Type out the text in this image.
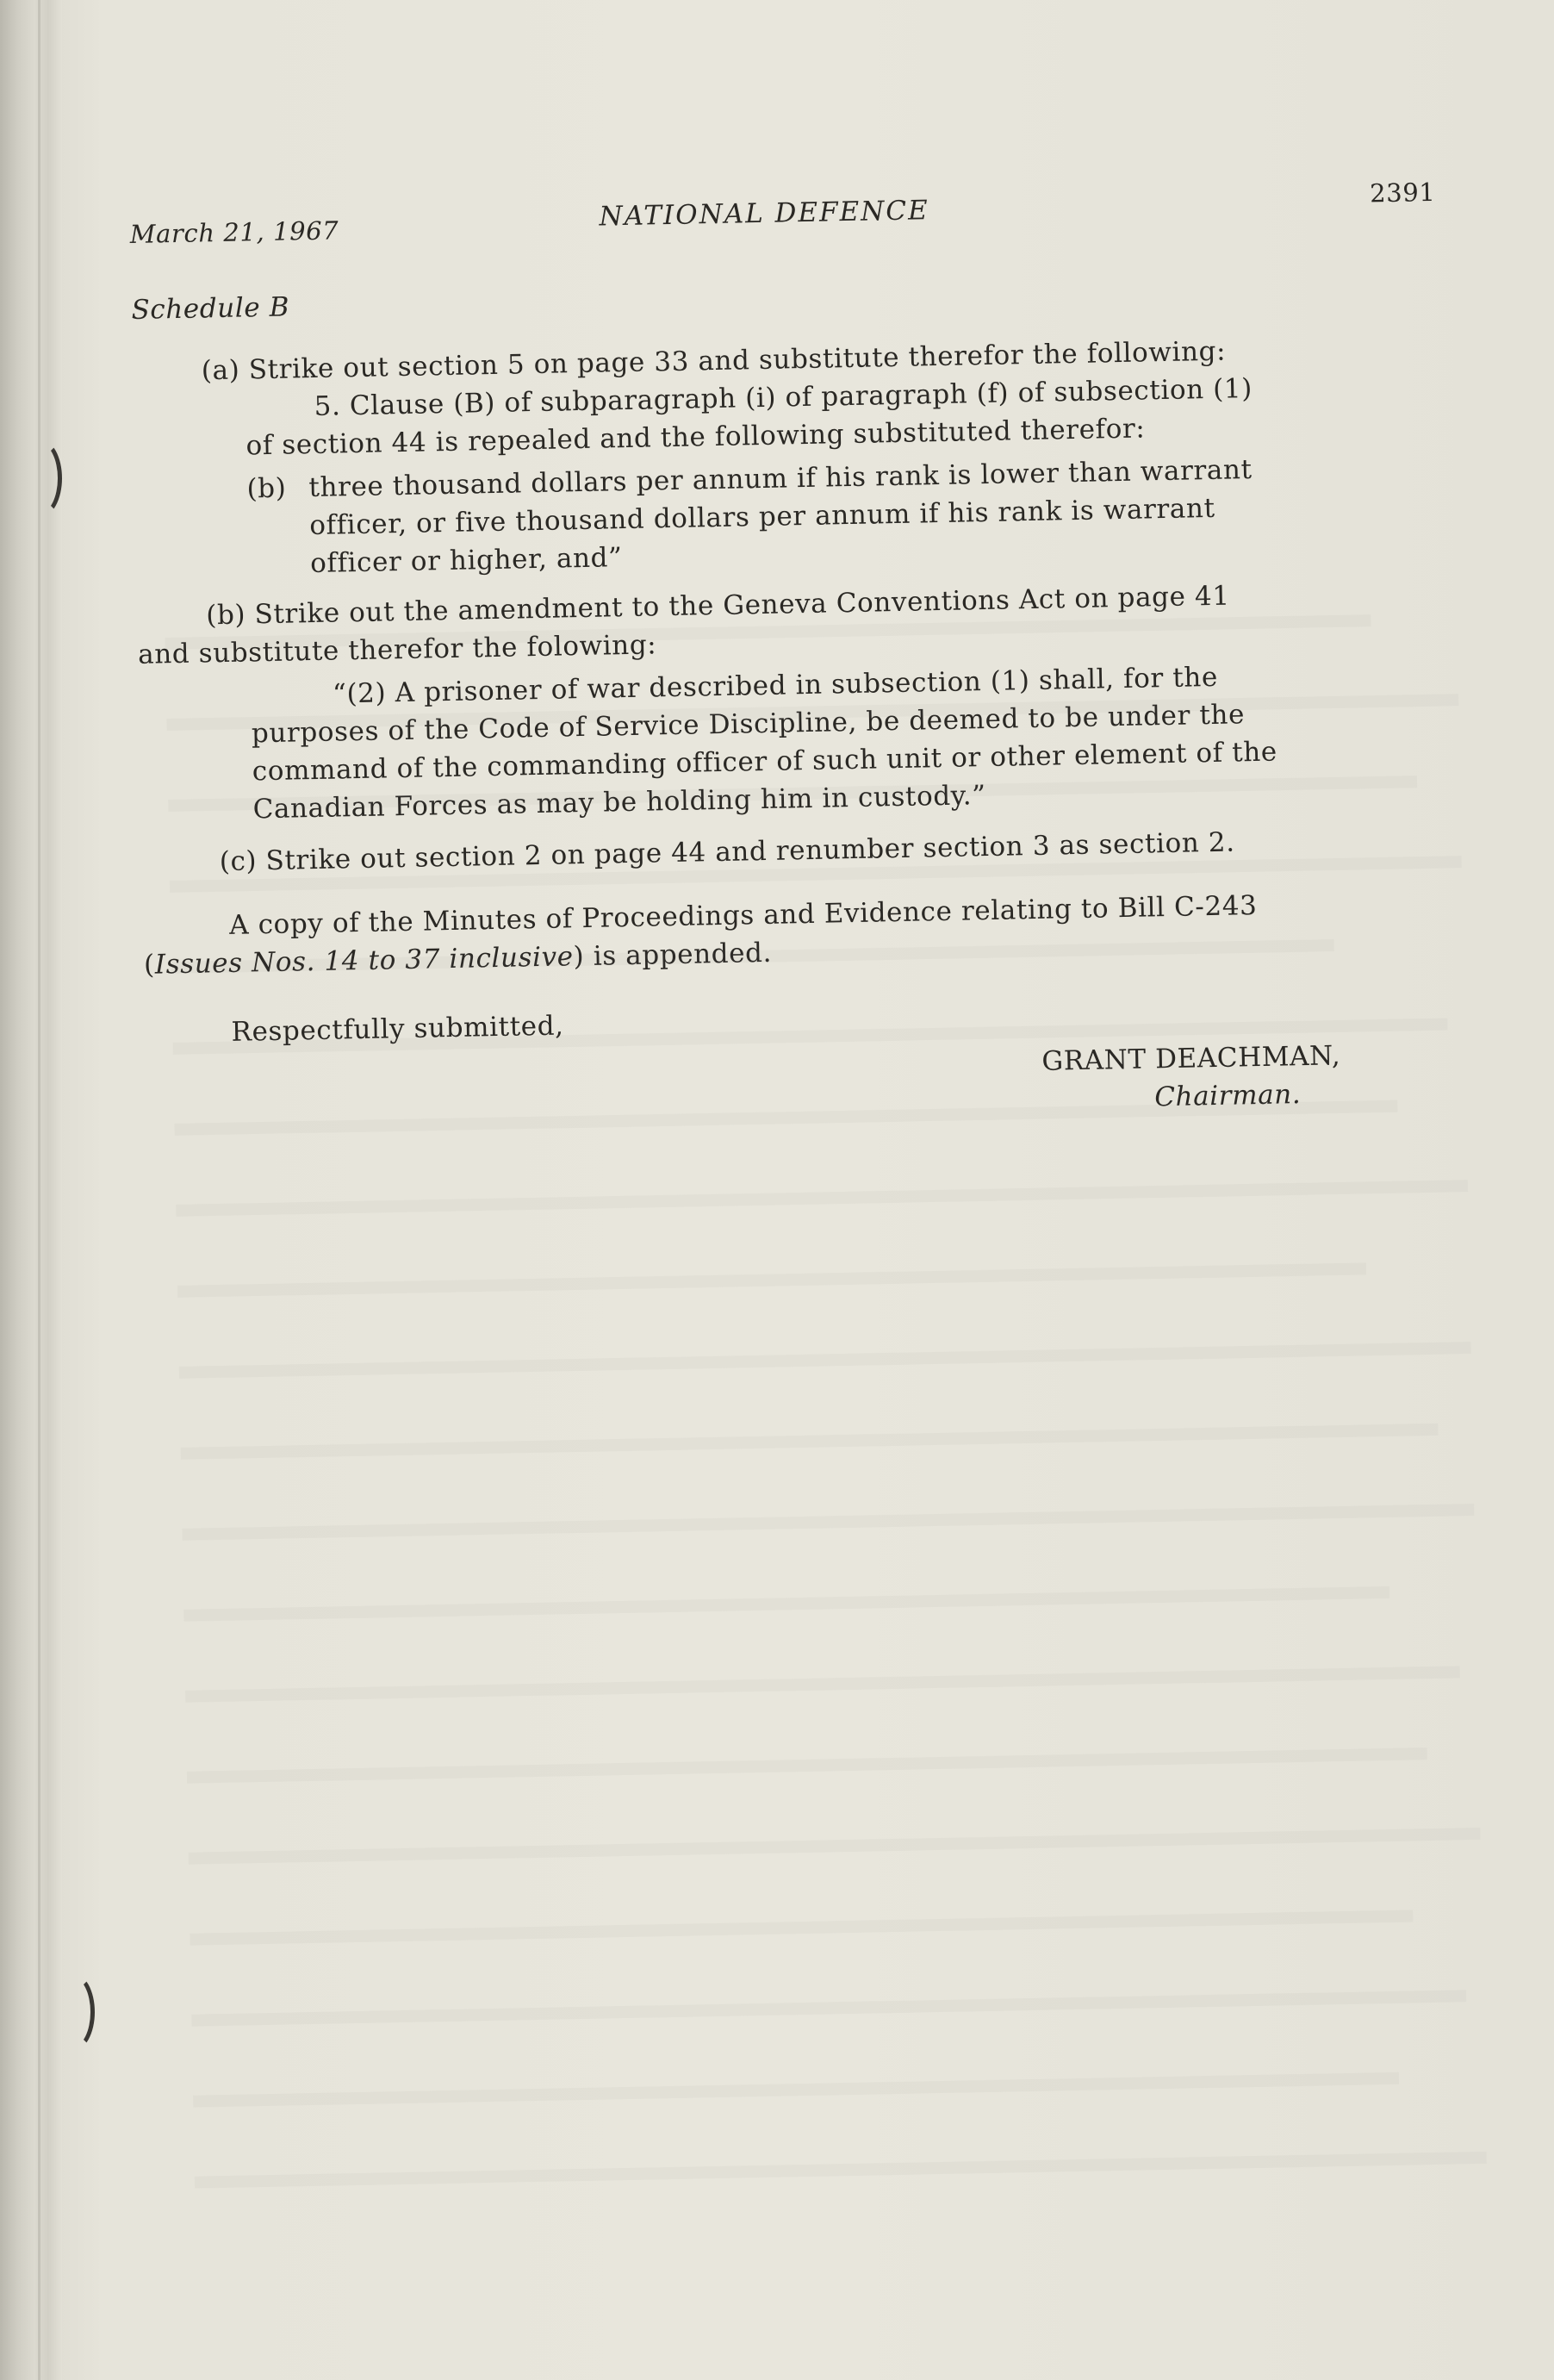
March 21, 1967
NATIONAL DEFENCE
2391

Schedule B

(a) Strike out section 5 on page 33 and substitute therefor the following:

5. Clause (B) of subparagraph (i) of paragraph (f) of subsection (1)

of section 44 is repealed and the following substituted therefor:

(b) three thousand dollars per annum if his rank is lower than warrant

officer, or five thousand dollars per annum if his rank is warrant

officer or higher, and”

(b) Strike out the amendment to the Geneva Conventions Act on page 41

and substitute therefor the folowing:

“(2) A prisoner of war described in subsection (1) shall, for the

purposes of the Code of Service Discipline, be deemed to be under the

command of the commanding officer of such unit or other element of the

Canadian Forces as may be holding him in custody.”

(c) Strike out section 2 on page 44 and renumber section 3 as section 2.

A copy of the Minutes of Proceedings and Evidence relating to Bill C-243

(Issues Nos. 14 to 37 inclusive) is appended.

Respectfully submitted,

GRANT DEACHMAN,

Chairman.
